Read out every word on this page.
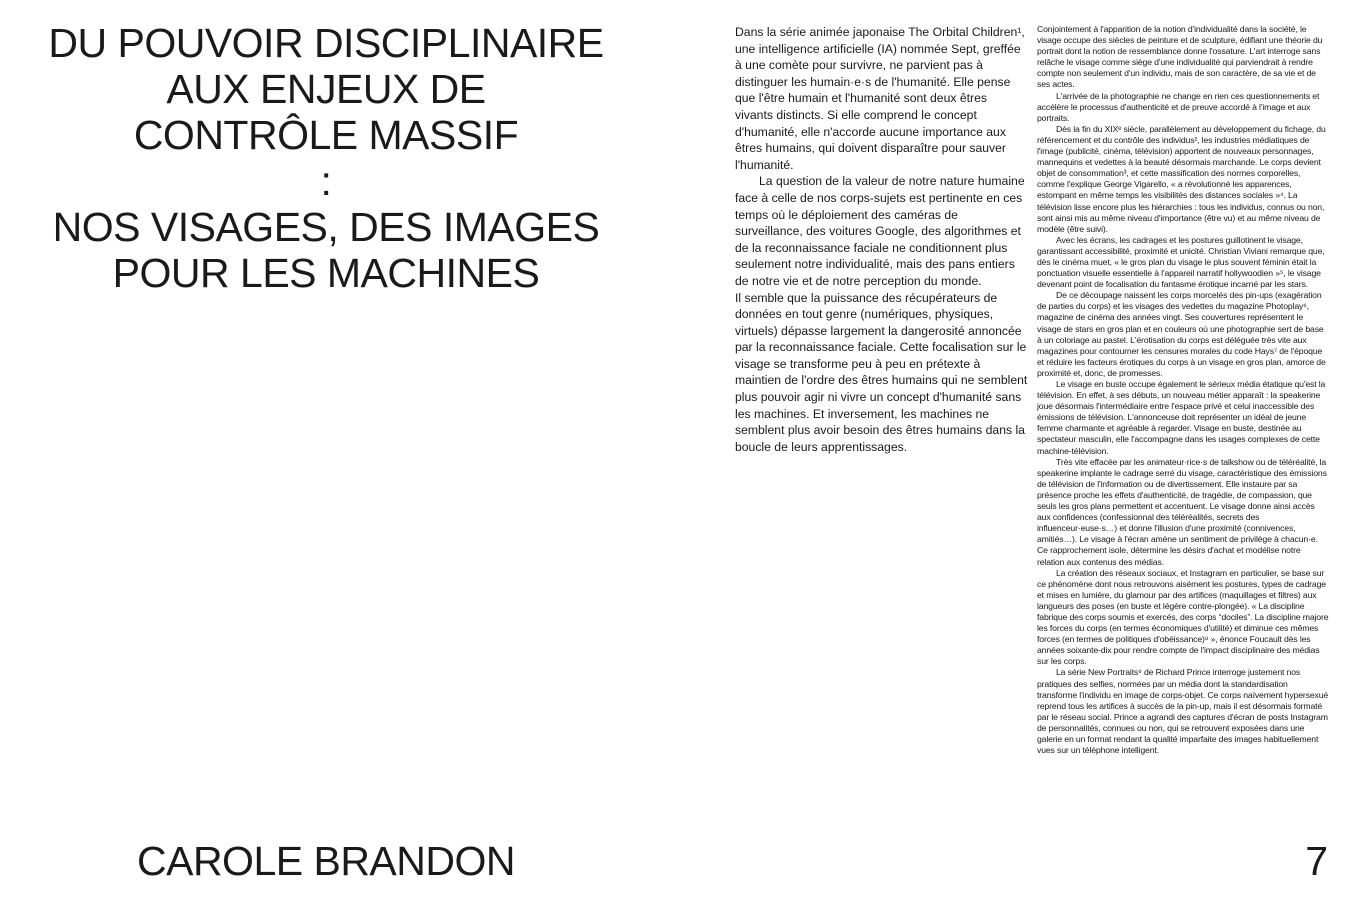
DU POUVOIR DISCIPLINAIRE
AUX ENJEUX DE
CONTRÔLE MASSIF
:
NOS VISAGES, DES IMAGES
POUR LES MACHINES
CAROLE BRANDON

Dans la série animée japonaise The Orbital Children¹, une intelligence artificielle (IA) nommée Sept, greffée à une comète pour survivre, ne parvient pas à distinguer les humain·e·s de l'humanité. Elle pense que l'être humain et l'humanité sont deux êtres vivants distincts. Si elle comprend le concept d'humanité, elle n'accorde aucune importance aux êtres humains, qui doivent disparaître pour sauver l'humanité.

La question de la valeur de notre nature humaine face à celle de nos corps-sujets est pertinente en ces temps où le déploiement des caméras de surveillance, des voitures Google, des algorithmes et de la reconnaissance faciale ne conditionnent plus seulement notre individualité, mais des pans entiers de notre vie et de notre perception du monde.

Il semble que la puissance des récupérateurs de données en tout genre (numériques, physiques, virtuels) dépasse largement la dangerosité annoncée par la reconnaissance faciale. Cette focalisation sur le visage se transforme peu à peu en prétexte à maintien de l'ordre des êtres humains qui ne semblent plus pouvoir agir ni vivre un concept d'humanité sans les machines. Et inversement, les machines ne semblent plus avoir besoin des êtres humains dans la boucle de leurs apprentissages.

Conjointement à l'apparition de la notion d'individualité dans la société, le visage occupe des siècles de peinture et de sculpture, édifiant une théorie du portrait dont la notion de ressemblance donne l'ossature. L'art interroge sans relâche le visage comme siège d'une individualité qui parviendrait à rendre compte non seulement d'un individu, mais de son caractère, de sa vie et de ses actes.

L'arrivée de la photographie ne change en rien ces questionnements et accélère le processus d'authenticité et de preuve accordé à l'image et aux portraits.

Dès la fin du XIXᵉ siècle, parallèlement au développement du fichage, du référencement et du contrôle des individus², les industries médiatiques de l'image (publicité, cinéma, télévision) apportent de nouveaux personnages, mannequins et vedettes à la beauté désormais marchande. Le corps devient objet de consommation³, et cette massification des normes corporelles, comme l'explique George Vigarello, « a révolutionné les apparences, estompant en même temps les visibilités des distances sociales »⁴. La télévision lisse encore plus les hiérarchies : tous les individus, connus ou non, sont ainsi mis au même niveau d'importance (être vu) et au même niveau de modèle (être suivi).

Avec les écrans, les cadrages et les postures guillotinent le visage, garantissant accessibilité, proximité et unicité. Christian Viviani remarque que, dès le cinéma muet, « le gros plan du visage le plus souvent féminin était la ponctuation visuelle essentielle à l'appareil narratif hollywoodien »⁵, le visage devenant point de focalisation du fantasme érotique incarné par les stars.

De ce découpage naissent les corps morcelés des pin-ups (exagération de parties du corps) et les visages des vedettes du magazine Photoplay⁶, magazine de cinéma des années vingt. Ses couvertures représentent le visage de stars en gros plan et en couleurs où une photographie sert de base à un coloriage au pastel. L'érotisation du corps est déléguée très vite aux magazines pour contourner les censures morales du code Hays⁷ de l'époque et réduire les facteurs érotiques du corps à un visage en gros plan, amorce de proximité et, donc, de promesses.

Le visage en buste occupe également le sérieux média étatique qu'est la télévision. En effet, à ses débuts, un nouveau métier apparaît : la speakerine joue désormais l'intermédiaire entre l'espace privé et celui inaccessible des émissions de télévision. L'annonceuse doit représenter un idéal de jeune femme charmante et agréable à regarder. Visage en buste, destinée au spectateur masculin, elle l'accompagne dans les usages complexes de cette machine-télévision.

Très vite effacée par les animateur·rice·s de talkshow ou de téléréalité, la speakerine implante le cadrage serré du visage, caractéristique des émissions de télévision de l'information ou de divertissement. Elle instaure par sa présence proche les effets d'authenticité, de tragédie, de compassion, que seuls les gros plans permettent et accentuent. Le visage donne ainsi accès aux confidences (confessionnal des téléréalités, secrets des influenceur·euse·s…) et donne l'illusion d'une proximité (connivences, amitiés…). Le visage à l'écran amène un sentiment de privilège à chacun·e. Ce rapprochement isole, détermine les désirs d'achat et modélise notre relation aux contenus des médias.

La création des réseaux sociaux, et Instagram en particulier, se base sur ce phénomène dont nous retrouvons aisément les postures, types de cadrage et mises en lumière, du glamour par des artifices (maquillages et filtres) aux langueurs des poses (en buste et légère contre-plongée). « La discipline fabrique des corps soumis et exercés, des corps “dociles”. La discipline majore les forces du corps (en termes économiques d'utilité) et diminue ces mêmes forces (en termes de politiques d'obéissance)⁸ », énonce Foucault dès les années soixante-dix pour rendre compte de l'impact disciplinaire des médias sur les corps.

La série New Portraits⁹ de Richard Prince interroge justement nos pratiques des selfies, normées par un média dont la standardisation transforme l'individu en image de corps-objet. Ce corps naïvement hypersexué reprend tous les artifices à succès de la pin-up, mais il est désormais formaté par le réseau social. Prince a agrandi des captures d'écran de posts Instagram de personnalités, connues ou non, qui se retrouvent exposées dans une galerie en un format rendant la qualité imparfaite des images habituellement vues sur un téléphone intelligent.

7
